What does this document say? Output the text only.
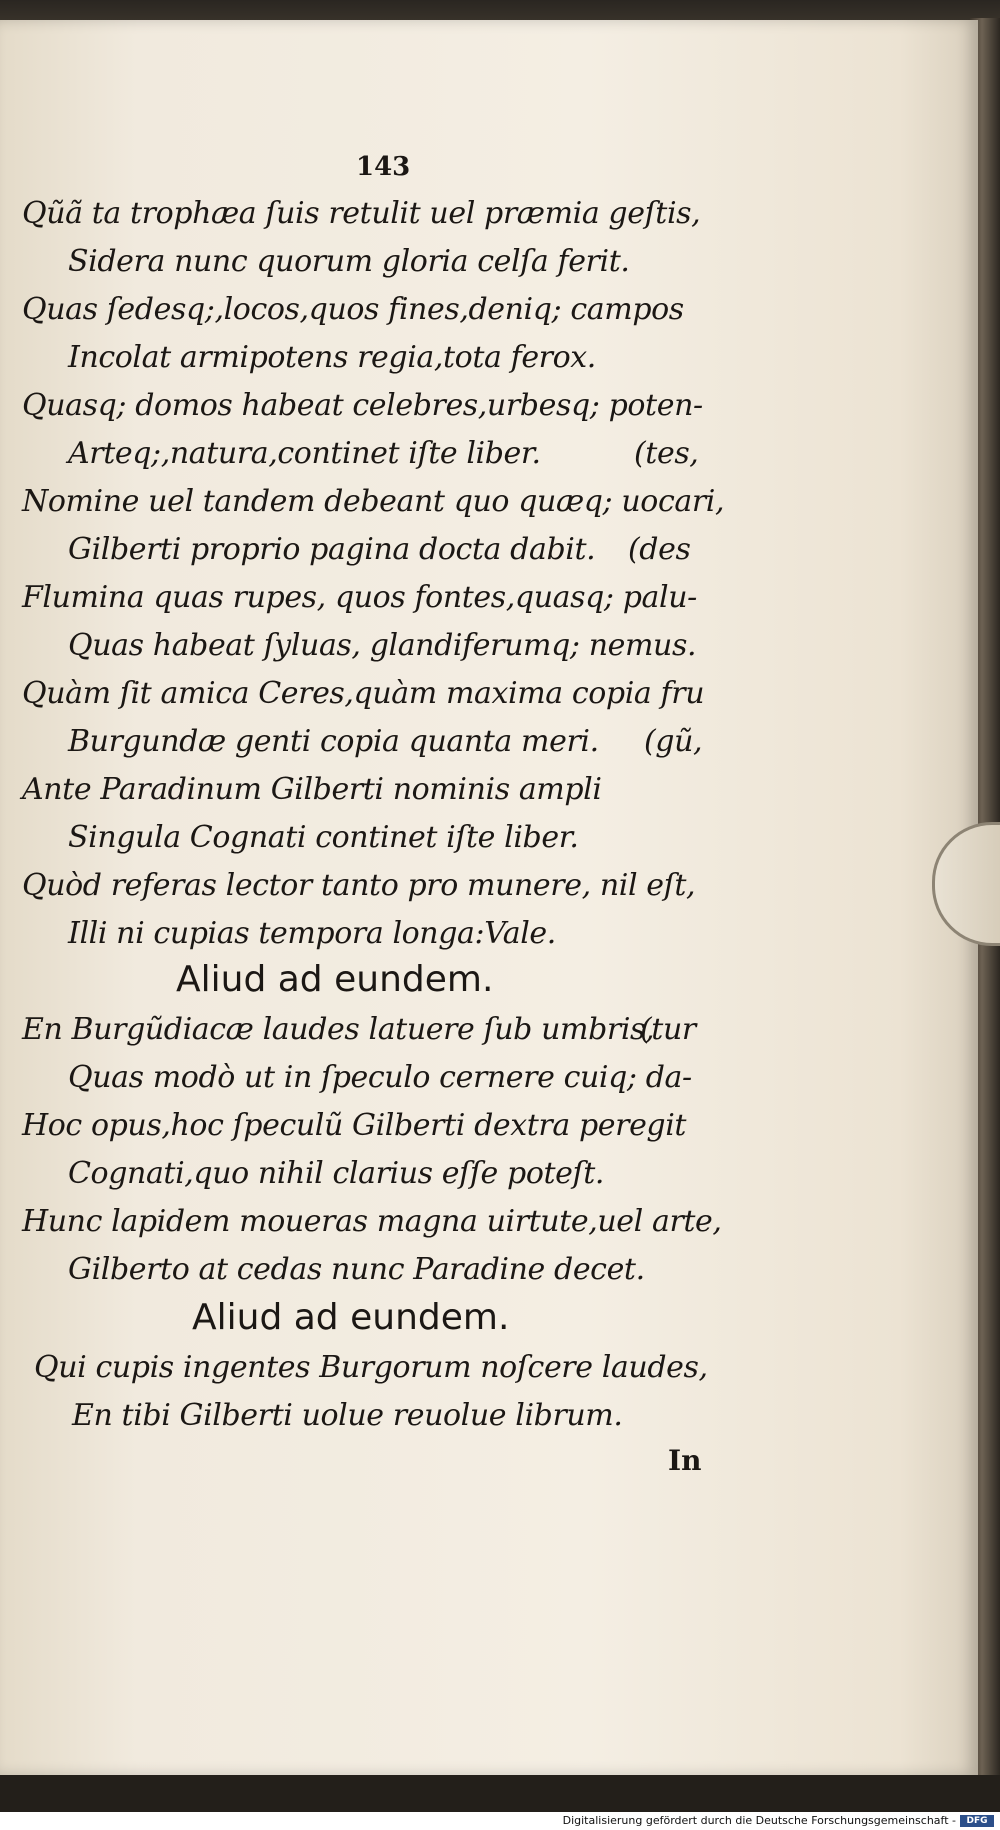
143
Qũã ta trophæa ſuis retulit uel præmia geſtis,
Sidera nunc quorum gloria celſa ferit.
Quas ſedesq;,locos,quos fines,deniq; campos
Incolat armipotens regia,tota ferox.
Quasq; domos habeat celebres,urbesq; poten-
Arteq;,natura,continet iſte liber.	(tes,
Nomine uel tandem debeant quo quæq; uocari,
Gilberti proprio pagina docta dabit. (des
Flumina quas rupes, quos fontes,quasq; palu-
Quas habeat ſyluas, glandiferumq; nemus.
Quàm ſit amica Ceres,quàm maxima copia fru
Burgundæ genti copia quanta meri. (gũ,
Ante Paradinum Gilberti nominis ampli
Singula Cognati continet iſte liber.
Quòd referas lector tanto pro munere, nil eſt,
Illi ni cupias tempora longa:Vale.
Aliud ad eundem.
En Burgũdiacæ laudes latuere ſub umbris,
(tur
Quas modò ut in ſpeculo cernere cuiq; da-
Hoc opus,hoc ſpeculũ Gilberti dextra peregit
Cognati,quo nihil clarius eſſe poteſt.
Hunc lapidem moueras magna uirtute,uel arte,
Gilberto at cedas nunc Paradine decet.
Aliud ad eundem.
Qui cupis ingentes Burgorum noſcere laudes,
En tibi Gilberti uolue reuolue librum.
In
Digitalisierung gefördert durch die Deutsche Forschungsgemeinschaft -	DFG
